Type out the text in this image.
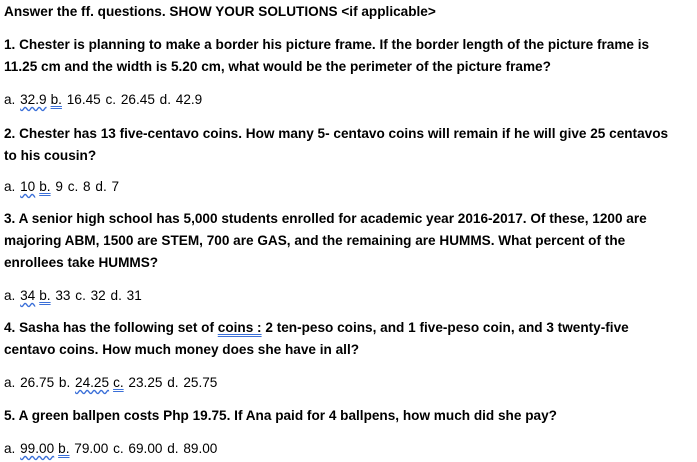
Answer the ff. questions. SHOW YOUR SOLUTIONS <if applicable>
1. Chester is planning to make a border his picture frame. If the border length of the picture frame is
11.25 cm and the width is 5.20 cm, what would be the perimeter of the picture frame?
a. 32.9 b. 16.45 c. 26.45 d. 42.9
2. Chester has 13 five-centavo coins. How many 5- centavo coins will remain if he will give 25 centavos
to his cousin?
a. 10 b. 9 c. 8 d. 7
3. A senior high school has 5,000 students enrolled for academic year 2016-2017. Of these, 1200 are
majoring ABM, 1500 are STEM, 700 are GAS, and the remaining are HUMMS. What percent of the
enrollees take HUMMS?
a. 34 b. 33 c. 32 d. 31
4. Sasha has the following set of coins : 2 ten-peso coins, and 1 five-peso coin, and 3 twenty-five
centavo coins. How much money does she have in all?
a. 26.75 b. 24.25 c. 23.25 d. 25.75
5. A green ballpen costs Php 19.75. If Ana paid for 4 ballpens, how much did she pay?
a. 99.00 b. 79.00 c. 69.00 d. 89.00
